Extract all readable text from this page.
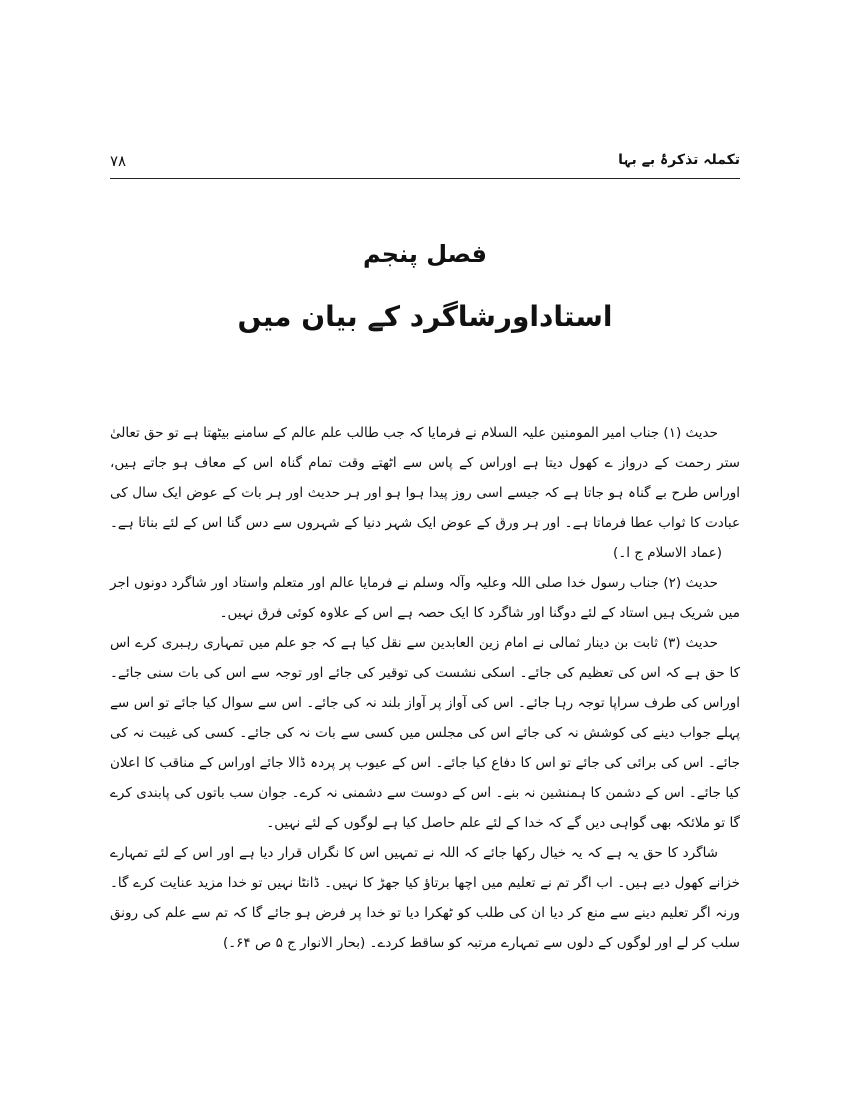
تکملہ تذکرۂ بے بہا
۷۸
فصل پنجم
استاداورشاگرد کے بیان میں

حدیث (۱) جناب امیر المومنین علیہ السلام نے فرمایا کہ جب طالب علم عالم کے سامنے بیٹھتا ہے تو حق تعالیٰ ستر رحمت کے درواز ے کھول دیتا ہے اوراس کے پاس سے اٹھتے وقت تمام گناہ اس کے معاف ہو جاتے ہیں، اوراس طرح بے گناہ ہو جاتا ہے کہ جیسے اسی روز پیدا ہوا ہو اور ہر حدیث اور ہر بات کے عوض ایک سال کی عبادت کا ثواب عطا فرماتا ہے۔ اور ہر ورق کے عوض ایک شہر دنیا کے شہروں سے دس گنا اس کے لئے بناتا ہے۔(عماد الاسلام ج ا۔)

حدیث (۲) جناب رسول خدا صلی اللہ وعلیہ وآلہ وسلم نے فرمایا عالم اور متعلم واستاد اور شاگرد دونوں اجر میں شریک ہیں استاد کے لئے دوگنا اور شاگرد کا ایک حصہ ہے اس کے علاوہ کوئی فرق نہیں۔

حدیث (۳) ثابت بن دینار ثمالی نے امام زین العابدین سے نقل کیا ہے کہ جو علم میں تمہاری رہبری کرے اس کا حق ہے کہ اس کی تعظیم کی جائے۔ اسکی نشست کی توقیر کی جائے اور توجہ سے اس کی بات سنی جائے۔ اوراس کی طرف سراپا توجہ رہا جائے۔ اس کی آواز پر آواز بلند نہ کی جائے۔ اس سے سوال کیا جائے تو اس سے پہلے جواب دینے کی کوشش نہ کی جائے اس کی مجلس میں کسی سے بات نہ کی جائے۔ کسی کی غیبت نہ کی جائے۔ اس کی برائی کی جائے تو اس کا دفاع کیا جائے۔ اس کے عیوب پر پردہ ڈالا جائے اوراس کے مناقب کا اعلان کیا جائے۔ اس کے دشمن کا ہمنشین نہ بنے۔ اس کے دوست سے دشمنی نہ کرے۔ جوان سب باتوں کی پابندی کرے گا تو ملائکہ بھی گواہی دیں گے کہ خدا کے لئے علم حاصل کیا ہے لوگوں کے لئے نہیں۔

شاگرد کا حق یہ ہے کہ یہ خیال رکھا جائے کہ اللہ نے تمہیں اس کا نگراں قرار دیا ہے اور اس کے لئے تمہارے خزانے کھول دیے ہیں۔ اب اگر تم نے تعلیم میں اچھا برتاؤ کیا جھڑ کا نہیں۔ ڈانٹا نہیں تو خدا مزید عنایت کرے گا۔ ورنہ اگر تعلیم دینے سے منع کر دیا ان کی طلب کو ٹھکرا دیا تو خدا پر فرض ہو جائے گا کہ تم سے علم کی رونق سلب کر لے اور لوگوں کے دلوں سے تمہارے مرتبہ کو ساقط کردے۔ (بحار الانوار ج ۵ ص ۶۴۔)
